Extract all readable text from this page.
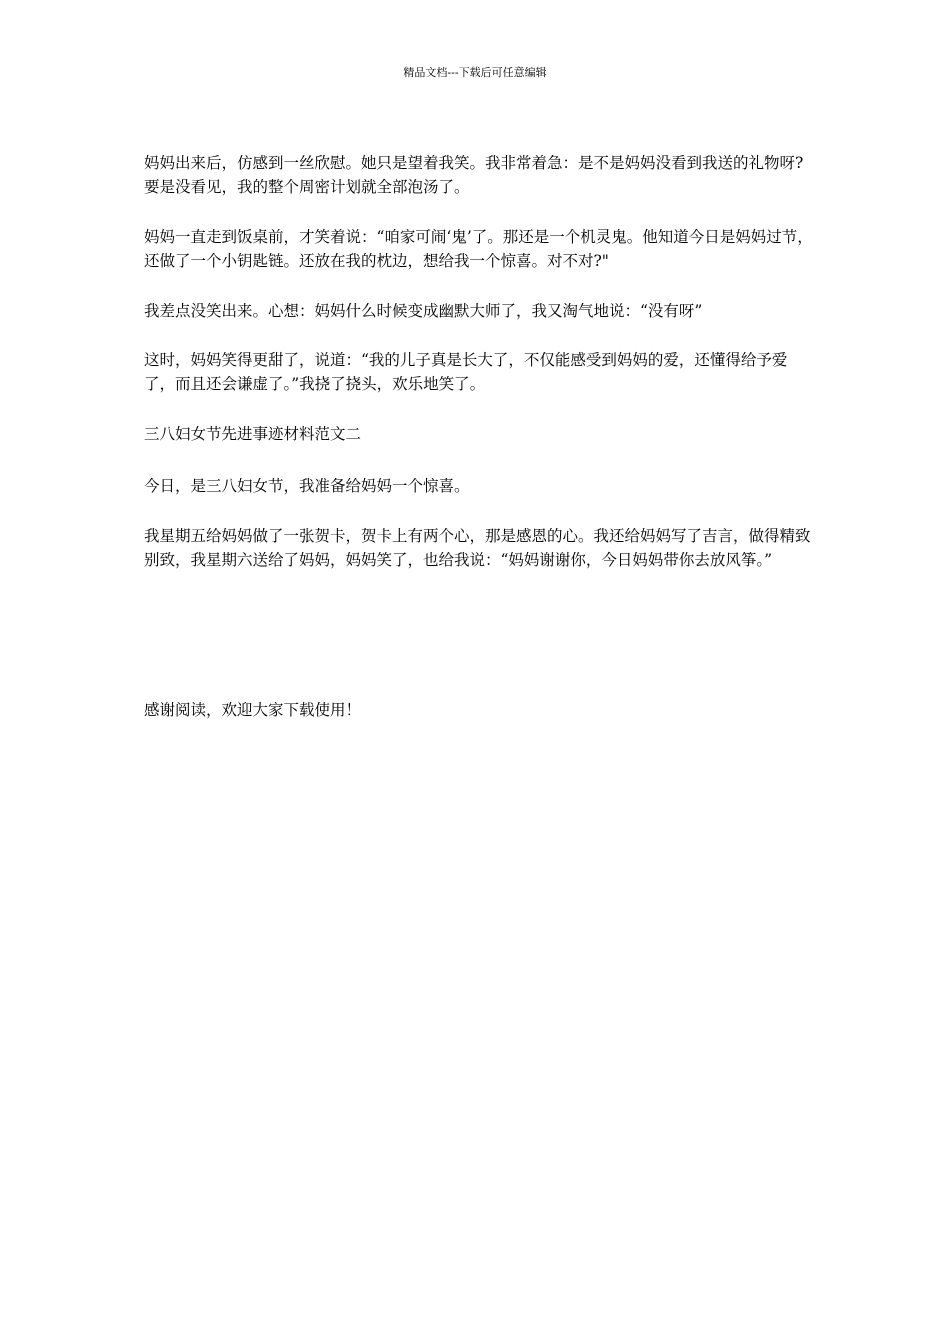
精品文档---下载后可任意编辑

妈妈出来后，仿感到一丝欣慰。她只是望着我笑。我非常着急：是不是妈妈没看到我送的礼物呀?要是没看见，我的整个周密计划就全部泡汤了。

妈妈一直走到饭桌前，才笑着说：“咱家可闹‘鬼’了。那还是一个机灵鬼。他知道今日是妈妈过节，还做了一个小钥匙链。还放在我的枕边，想给我一个惊喜。对不对?"

我差点没笑出来。心想：妈妈什么时候变成幽默大师了，我又淘气地说：“没有呀”

这时，妈妈笑得更甜了，说道：“我的儿子真是长大了，不仅能感受到妈妈的爱，还懂得给予爱了，而且还会谦虚了。”我挠了挠头，欢乐地笑了。

三八妇女节先进事迹材料范文二

今日，是三八妇女节，我准备给妈妈一个惊喜。

我星期五给妈妈做了一张贺卡，贺卡上有两个心，那是感恩的心。我还给妈妈写了吉言，做得精致别致，我星期六送给了妈妈，妈妈笑了，也给我说：“妈妈谢谢你，今日妈妈带你去放风筝。”

感谢阅读，欢迎大家下载使用！
